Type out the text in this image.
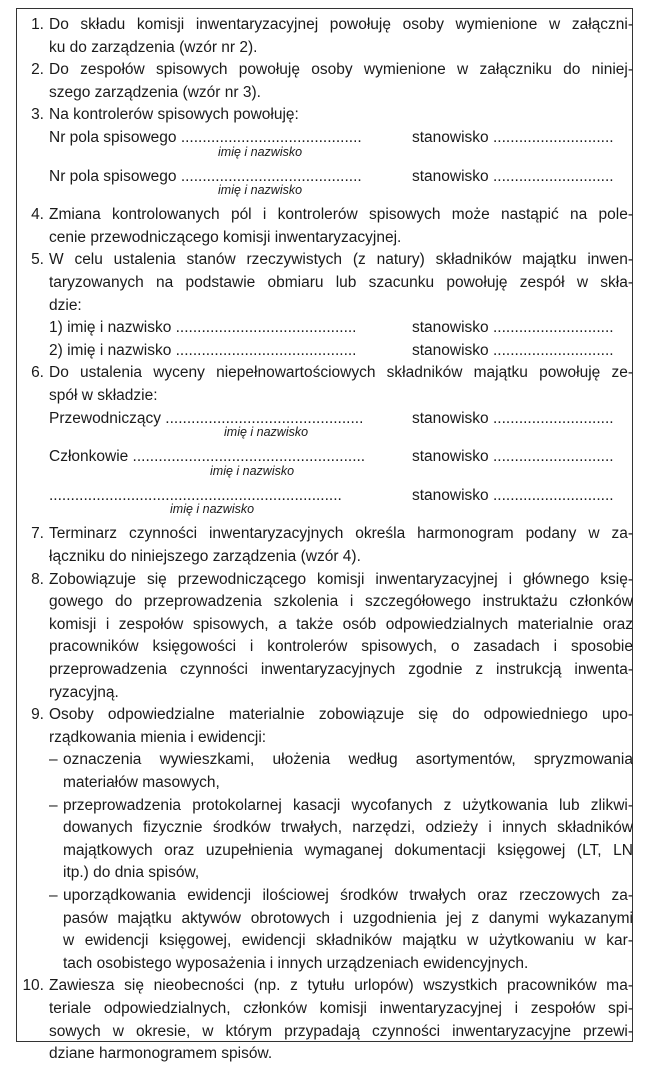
1. Do składu komisji inwentaryzacyjnej powołuję osoby wymienione w załączni-
ku do zarządzenia (wzór nr 2).
2. Do zespołów spisowych powołuję osoby wymienione w załączniku do niniej-
szego zarządzenia (wzór nr 3).
3. Na kontrolerów spisowych powołuję:
Nr pola spisowego ..........................................	stanowisko ............................
imię i nazwisko
Nr pola spisowego ..........................................	stanowisko ............................
imię i nazwisko
4. Zmiana kontrolowanych pól i kontrolerów spisowych może nastąpić na pole-
cenie przewodniczącego komisji inwentaryzacyjnej.
5. W celu ustalenia stanów rzeczywistych (z natury) składników majątku inwen-
taryzowanych na podstawie obmiaru lub szacunku powołuję zespół w skła-
dzie:
1) imię i nazwisko ..........................................	stanowisko ............................
2) imię i nazwisko ..........................................	stanowisko ............................
6. Do ustalenia wyceny niepełnowartościowych składników majątku powołuję ze-
spół w składzie:
Przewodniczący ..............................................	stanowisko ............................
imię i nazwisko
Członkowie ......................................................	stanowisko ............................
imię i nazwisko
....................................................................	stanowisko ............................
imię i nazwisko
7. Terminarz czynności inwentaryzacyjnych określa harmonogram podany w za-
łączniku do niniejszego zarządzenia (wzór 4).
8. Zobowiązuje się przewodniczącego komisji inwentaryzacyjnej i głównego księ-
gowego do przeprowadzenia szkolenia i szczegółowego instruktażu członków
komisji i zespołów spisowych, a także osób odpowiedzialnych materialnie oraz
pracowników księgowości i kontrolerów spisowych, o zasadach i sposobie
przeprowadzenia czynności inwentaryzacyjnych zgodnie z instrukcją inwenta-
ryzacyjną.
9. Osoby odpowiedzialne materialnie zobowiązuje się do odpowiedniego upo-
rządkowania mienia i ewidencji:
– oznaczenia wywieszkami, ułożenia według asortymentów, spryzmowania
materiałów masowych,
– przeprowadzenia protokolarnej kasacji wycofanych z użytkowania lub zlikwi-
dowanych fizycznie środków trwałych, narzędzi, odzieży i innych składników
majątkowych oraz uzupełnienia wymaganej dokumentacji księgowej (LT, LN
itp.) do dnia spisów,
– uporządkowania ewidencji ilościowej środków trwałych oraz rzeczowych za-
pasów majątku aktywów obrotowych i uzgodnienia jej z danymi wykazanymi
w ewidencji księgowej, ewidencji składników majątku w użytkowaniu w kar-
tach osobistego wyposażenia i innych urządzeniach ewidencyjnych.
10. Zawiesza się nieobecności (np. z tytułu urlopów) wszystkich pracowników ma-
teriale odpowiedzialnych, członków komisji inwentaryzacyjnej i zespołów spi-
sowych w okresie, w którym przypadają czynności inwentaryzacyjne przewi-
dziane harmonogramem spisów.
